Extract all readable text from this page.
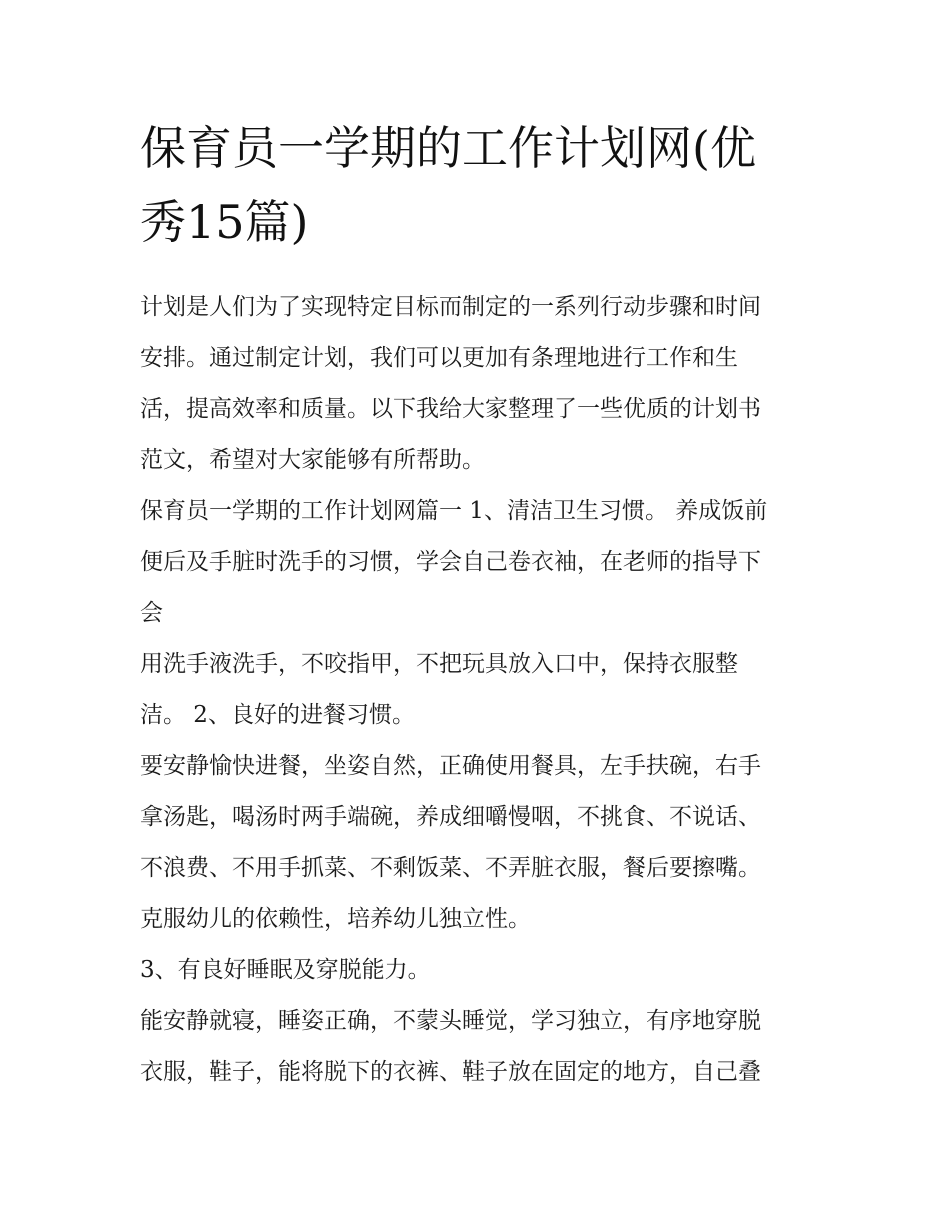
保育员一学期的工作计划网(优
秀15篇)
计划是人们为了实现特定目标而制定的一系列行动步骤和时间
安排。通过制定计划，我们可以更加有条理地进行工作和生
活，提高效率和质量。以下我给大家整理了一些优质的计划书
范文，希望对大家能够有所帮助。
保育员一学期的工作计划网篇一 1、清洁卫生习惯。 养成饭前
便后及手脏时洗手的习惯，学会自己卷衣袖，在老师的指导下
会
用洗手液洗手，不咬指甲，不把玩具放入口中，保持衣服整
洁。 2、良好的进餐习惯。
要安静愉快进餐，坐姿自然，正确使用餐具，左手扶碗，右手
拿汤匙，喝汤时两手端碗，养成细嚼慢咽，不挑食、不说话、
不浪费、不用手抓菜、不剩饭菜、不弄脏衣服，餐后要擦嘴。
克服幼儿的依赖性，培养幼儿独立性。
3、有良好睡眠及穿脱能力。
能安静就寝，睡姿正确，不蒙头睡觉，学习独立，有序地穿脱
衣服，鞋子，能将脱下的衣裤、鞋子放在固定的地方，自己叠
